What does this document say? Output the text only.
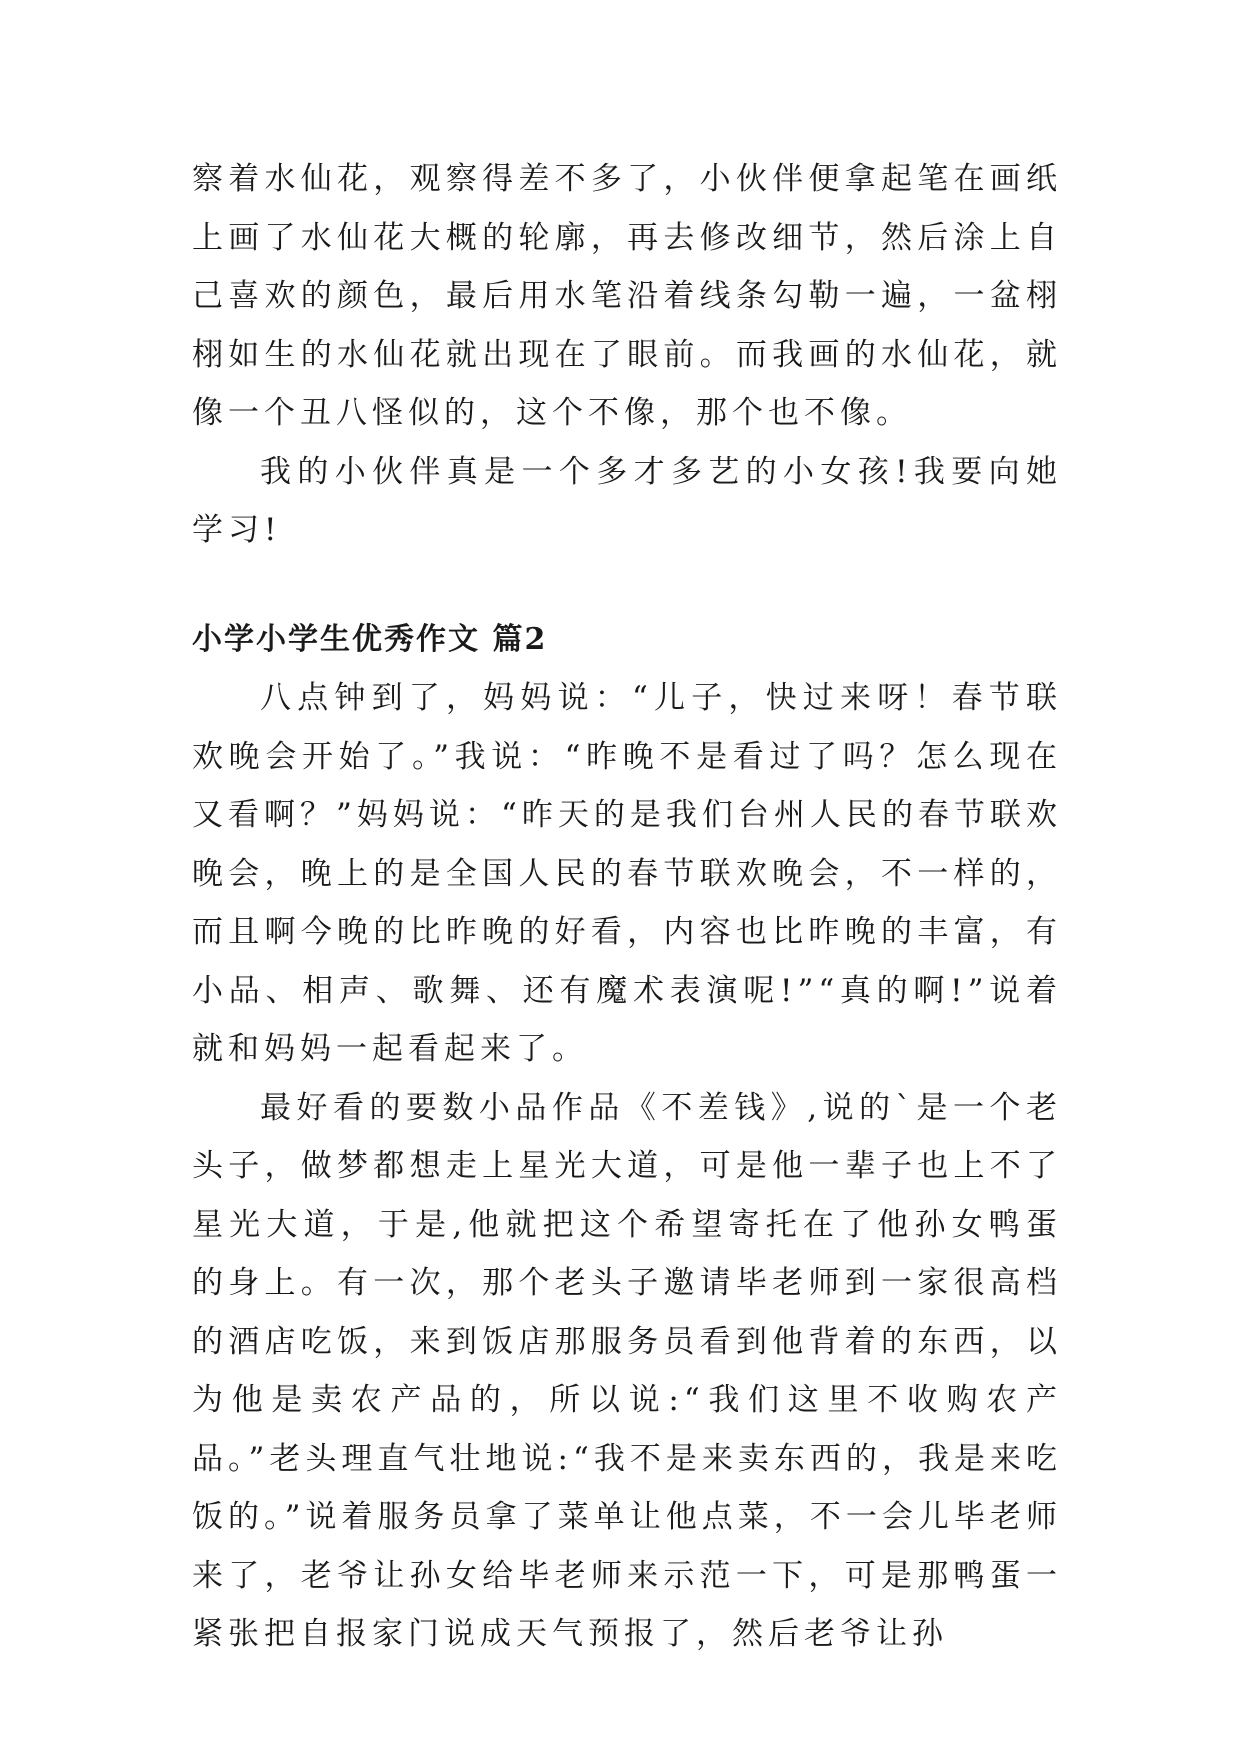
察着水仙花，观察得差不多了，小伙伴便拿起笔在画纸上画了水仙花大概的轮廓，再去修改细节，然后涂上自己喜欢的颜色，最后用水笔沿着线条勾勒一遍，一盆栩栩如生的水仙花就出现在了眼前。而我画的水仙花，就像一个丑八怪似的，这个不像，那个也不像。

我的小伙伴真是一个多才多艺的小女孩!我要向她学习!

小学小学生优秀作文 篇2

八点钟到了，妈妈说：“儿子，快过来呀！春节联欢晚会开始了。”我说：“昨晚不是看过了吗？怎么现在又看啊？”妈妈说：“昨天的是我们台州人民的春节联欢晚会，晚上的是全国人民的春节联欢晚会，不一样的，而且啊今晚的比昨晚的好看，内容也比昨晚的丰富，有小品、相声、歌舞、还有魔术表演呢!”“真的啊!”说着就和妈妈一起看起来了。

最好看的要数小品作品《不差钱》,说的`是一个老头子，做梦都想走上星光大道，可是他一辈子也上不了星光大道，于是,他就把这个希望寄托在了他孙女鸭蛋的身上。有一次，那个老头子邀请毕老师到一家很高档的酒店吃饭，来到饭店那服务员看到他背着的东西，以为他是卖农产品的，所以说:“我们这里不收购农产品。”老头理直气壮地说:“我不是来卖东西的，我是来吃饭的。”说着服务员拿了菜单让他点菜，不一会儿毕老师来了，老爷让孙女给毕老师来示范一下，可是那鸭蛋一紧张把自报家门说成天气预报了，然后老爷让孙
